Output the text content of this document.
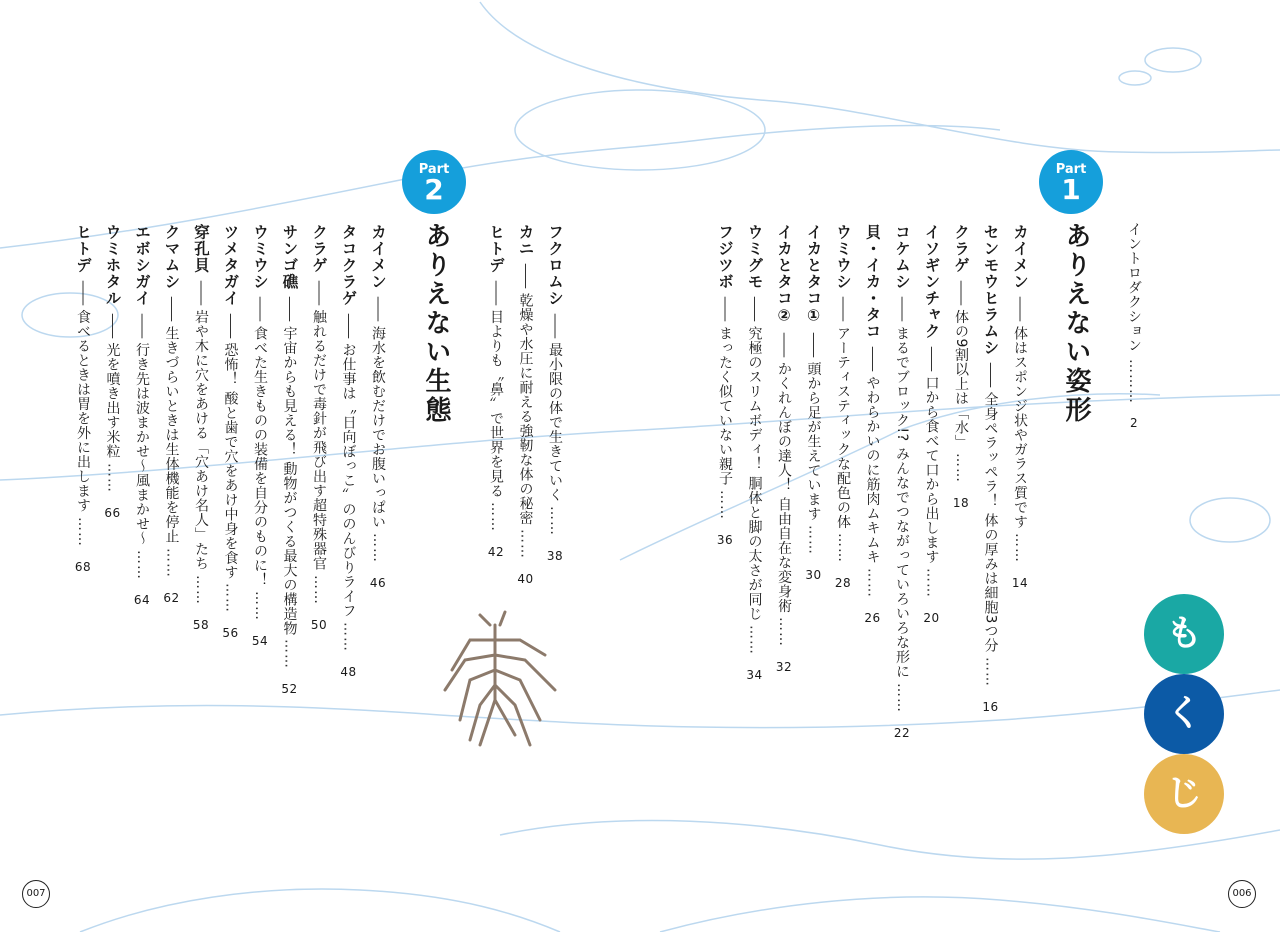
イントロダクション………2
Part
1
ありえない姿形
カイメン——体はスポンジ状やガラス質です……14
センモウヒラムシ——全身ペラッペラ！ 体の厚みは細胞3つ分……16
クラゲ——体の9割以上は「水」……18
イソギンチャク——口から食べて口から出します……20
コケムシ——まるでブロック!? みんなでつながっていろいろな形に……22
貝・イカ・タコ——やわらかいのに筋肉ムキムキ……26
ウミウシ——アーティスティックな配色の体……28
イカとタコ①——頭から足が生えています……30
イカとタコ②——かくれんぼの達人！ 自由自在な変身術……32
ウミグモ——究極のスリムボディ！ 胴体と脚の太さが同じ……34
フジツボ——まったく似ていない親子……36
フクロムシ——最小限の体で生きていく……38
カニ——乾燥や水圧に耐える強靭な体の秘密……40
ヒトデ——目よりも〝鼻〟で世界を見る……42
Part
2
ありえない生態
カイメン——海水を飲むだけでお腹いっぱい……46
タコクラゲ——お仕事は〝日向ぼっこ〟ののんびりライフ……48
クラゲ——触れるだけで毒針が飛び出す超特殊器官……50
サンゴ礁——宇宙からも見える！ 動物がつくる最大の構造物……52
ウミウシ——食べた生きものの装備を自分のものに！……54
ツメタガイ——恐怖！ 酸と歯で穴をあけ中身を食す……56
穿孔貝——岩や木に穴をあける「穴あけ名人」たち……58
クマムシ——生きづらいときは生体機能を停止……62
エボシガイ——行き先は波まかせ〜風まかせ〜……64
ウミホタル——光を噴き出す米粒……66
ヒトデ——食べるときは胃を外に出します……68
も
く
じ
007	006
